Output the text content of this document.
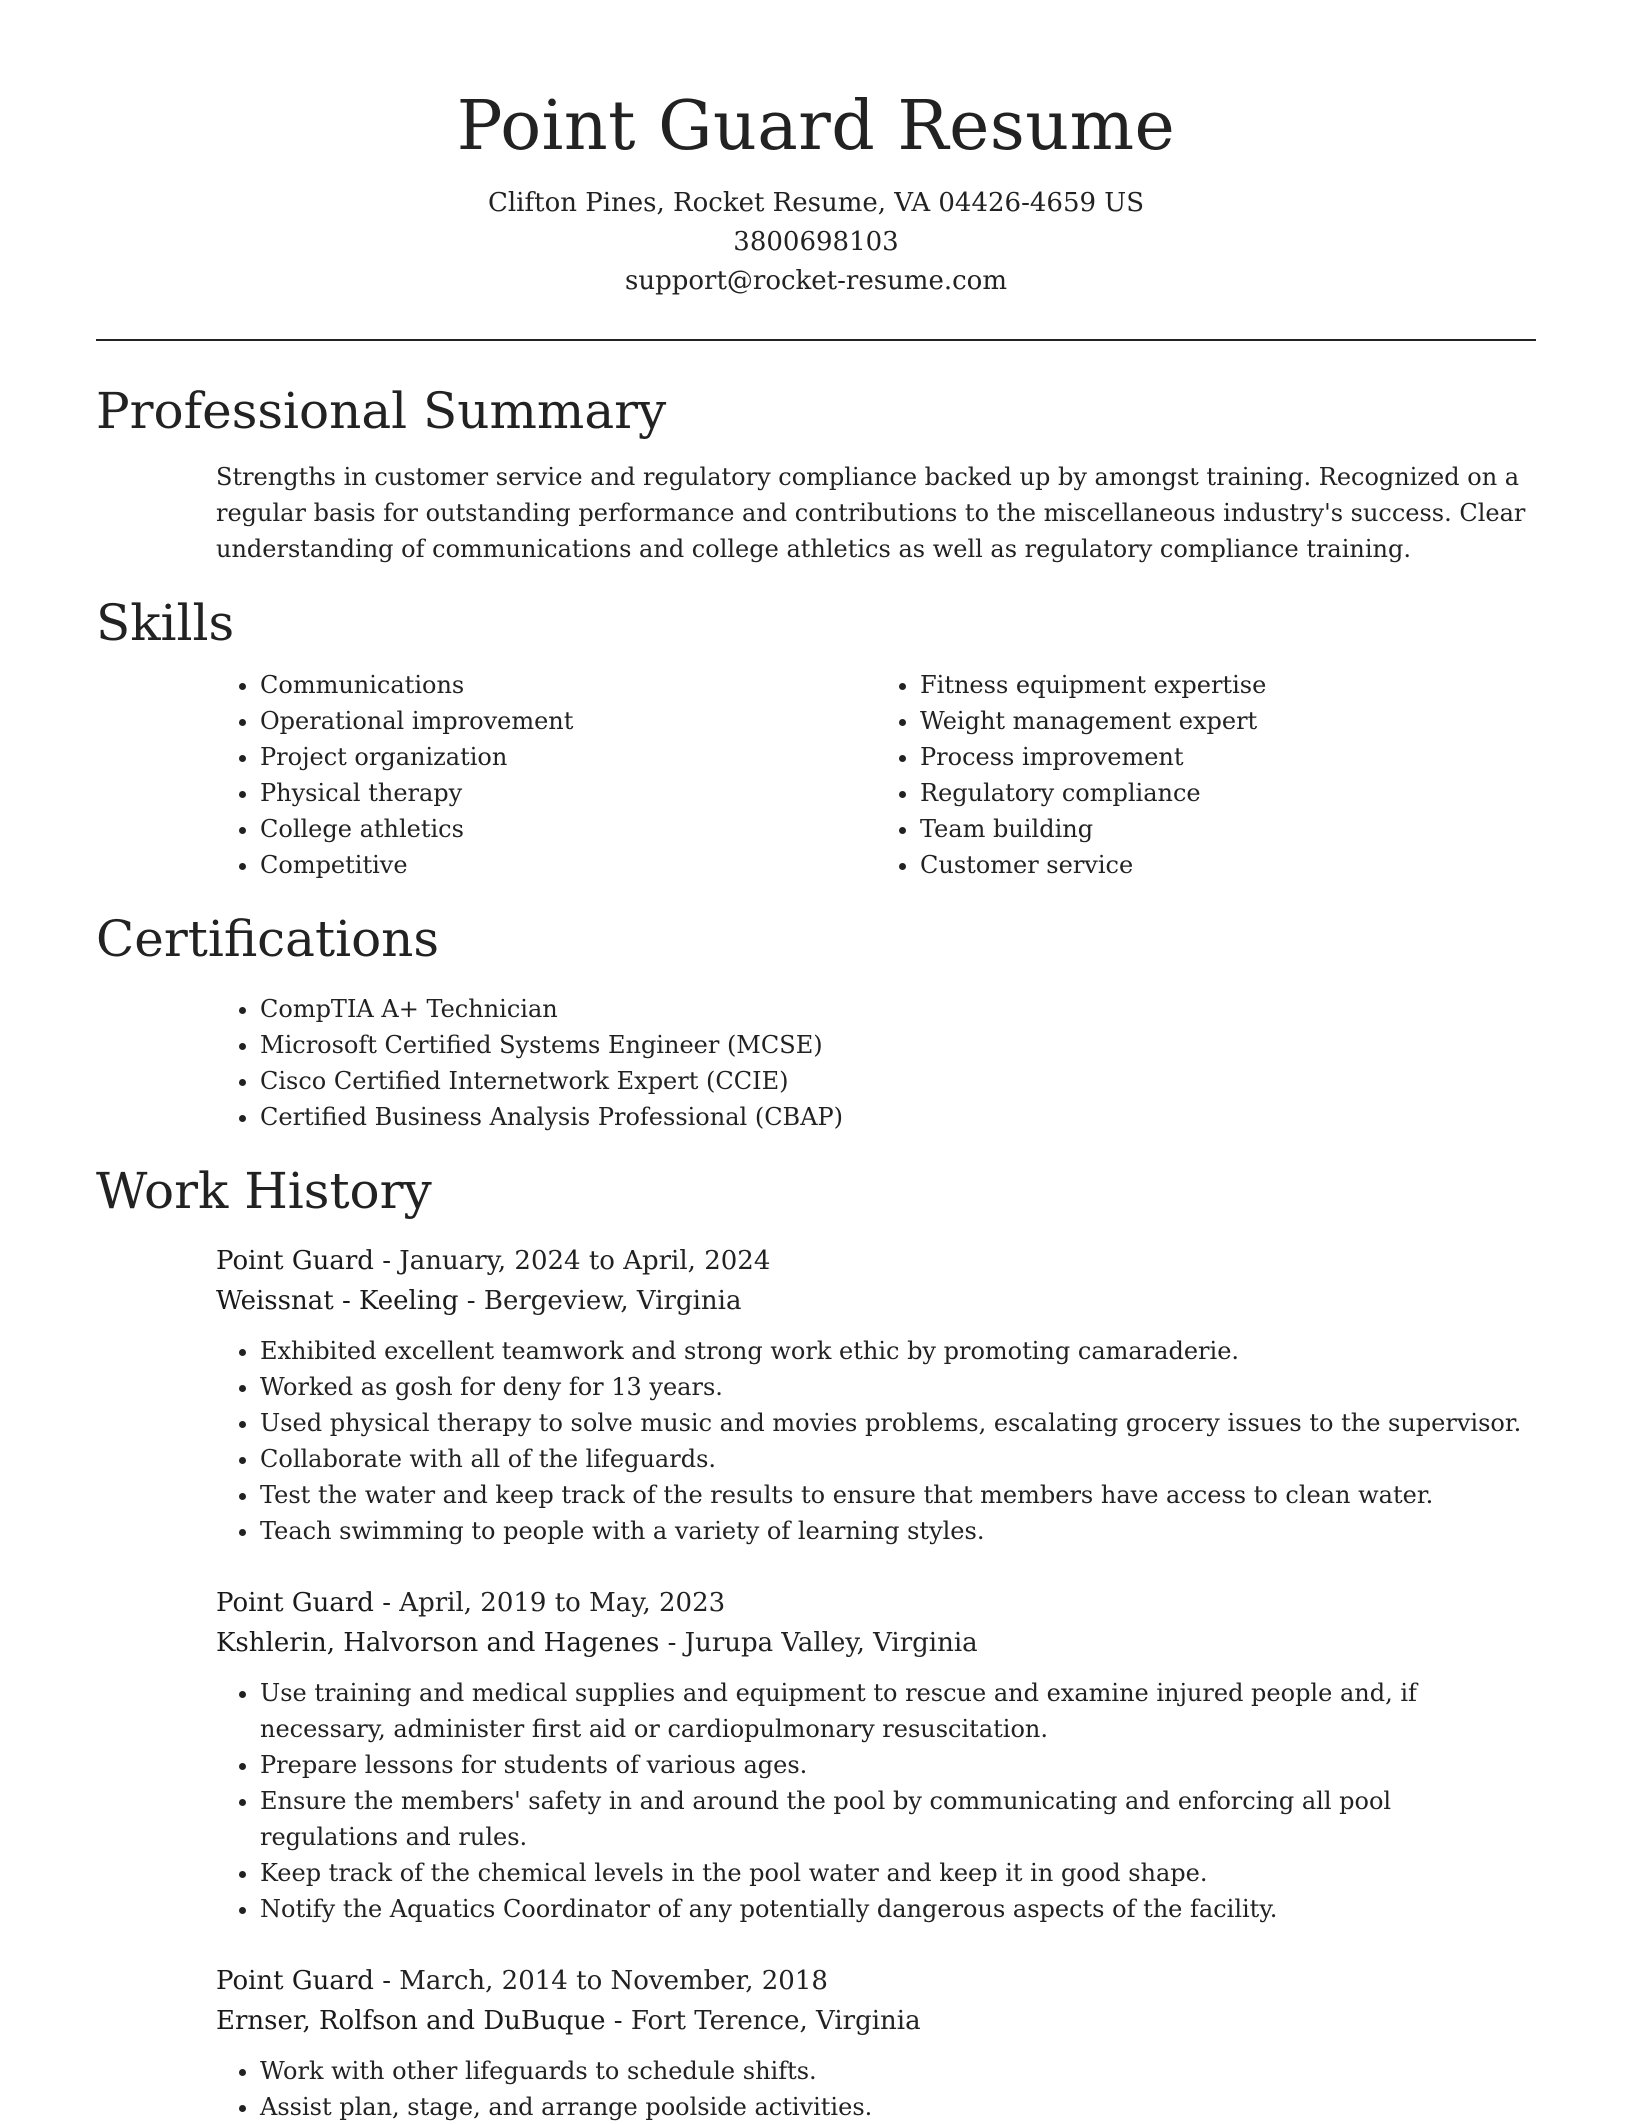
Point Guard Resume
Clifton Pines, Rocket Resume, VA 04426-4659 US
3800698103
support@rocket-resume.com
Professional Summary
Strengths in customer service and regulatory compliance backed up by amongst training. Recognized on a regular basis for outstanding performance and contributions to the miscellaneous industry's success. Clear understanding of communications and college athletics as well as regulatory compliance training.
Skills
• Communications
• Operational improvement
• Project organization
• Physical therapy
• College athletics
• Competitive
• Fitness equipment expertise
• Weight management expert
• Process improvement
• Regulatory compliance
• Team building
• Customer service
Certifications
• CompTIA A+ Technician
• Microsoft Certified Systems Engineer (MCSE)
• Cisco Certified Internetwork Expert (CCIE)
• Certified Business Analysis Professional (CBAP)
Work History
Point Guard - January, 2024 to April, 2024
Weissnat - Keeling - Bergeview, Virginia
• Exhibited excellent teamwork and strong work ethic by promoting camaraderie.
• Worked as gosh for deny for 13 years.
• Used physical therapy to solve music and movies problems, escalating grocery issues to the supervisor.
• Collaborate with all of the lifeguards.
• Test the water and keep track of the results to ensure that members have access to clean water.
• Teach swimming to people with a variety of learning styles.
Point Guard - April, 2019 to May, 2023
Kshlerin, Halvorson and Hagenes - Jurupa Valley, Virginia
• Use training and medical supplies and equipment to rescue and examine injured people and, if necessary, administer first aid or cardiopulmonary resuscitation.
• Prepare lessons for students of various ages.
• Ensure the members' safety in and around the pool by communicating and enforcing all pool regulations and rules.
• Keep track of the chemical levels in the pool water and keep it in good shape.
• Notify the Aquatics Coordinator of any potentially dangerous aspects of the facility.
Point Guard - March, 2014 to November, 2018
Ernser, Rolfson and DuBuque - Fort Terence, Virginia
• Work with other lifeguards to schedule shifts.
• Assist plan, stage, and arrange poolside activities.
